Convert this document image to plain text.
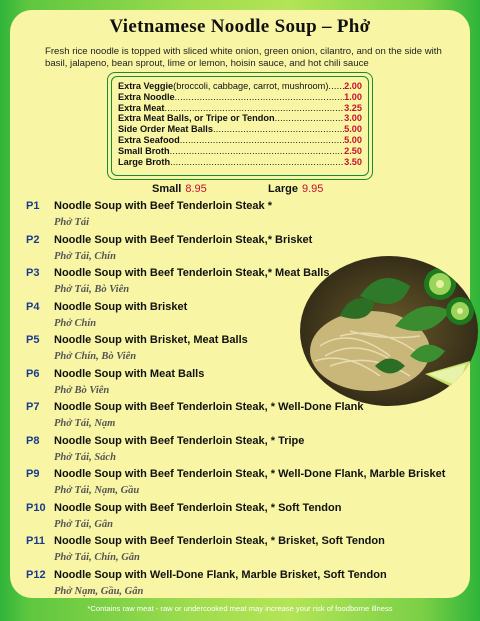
Vietnamese Noodle Soup – Phở
Fresh rice noodle is topped with sliced white onion, green onion, cilantro, and on the side with basil, jalapeno, bean sprout, lime or lemon, hoisin sauce, and hot chili sauce
Extra Veggie (broccoli, cabbage, carrot, mushroom) ..... 2.00
Extra Noodle .....	1.00
Extra Meat .....	3.25
Extra Meat Balls, or Tripe or Tendon .....	3.00
Side Order Meat Balls .....	5.00
Extra Seafood .....	5.00
Small Broth .....	2.50
Large Broth .....	3.50
Small 8.95	Large 9.95
P1	Noodle Soup with Beef Tenderloin Steak *
Phở Tái
P2	Noodle Soup with Beef Tenderloin Steak,* Brisket
Phở Tái, Chín
P3	Noodle Soup with Beef Tenderloin Steak,* Meat Balls
Phở Tái, Bò Viên
P4	Noodle Soup with Brisket
Phở Chín
P5	Noodle Soup with Brisket, Meat Balls
Phở Chín, Bò Viên
P6	Noodle Soup with Meat Balls
Phở Bò Viên
P7	Noodle Soup with Beef Tenderloin Steak, * Well-Done Flank
Phở Tái, Nạm
P8	Noodle Soup with Beef Tenderloin Steak, * Tripe
Phở Tái, Sách
P9	Noodle Soup with Beef Tenderloin Steak, * Well-Done Flank, Marble Brisket
Phở Tái, Nạm, Gầu
P10 Noodle Soup with Beef Tenderloin Steak, * Soft Tendon
Phở Tái, Gân
P11 Noodle Soup with Beef Tenderloin Steak, * Brisket, Soft Tendon
Phở Tái, Chín, Gân
P12 Noodle Soup with Well-Done Flank, Marble Brisket, Soft Tendon
Phở Nạm, Gầu, Gân
*Contains raw meat - raw or undercooked meat may increase your risk of foodborne illness
